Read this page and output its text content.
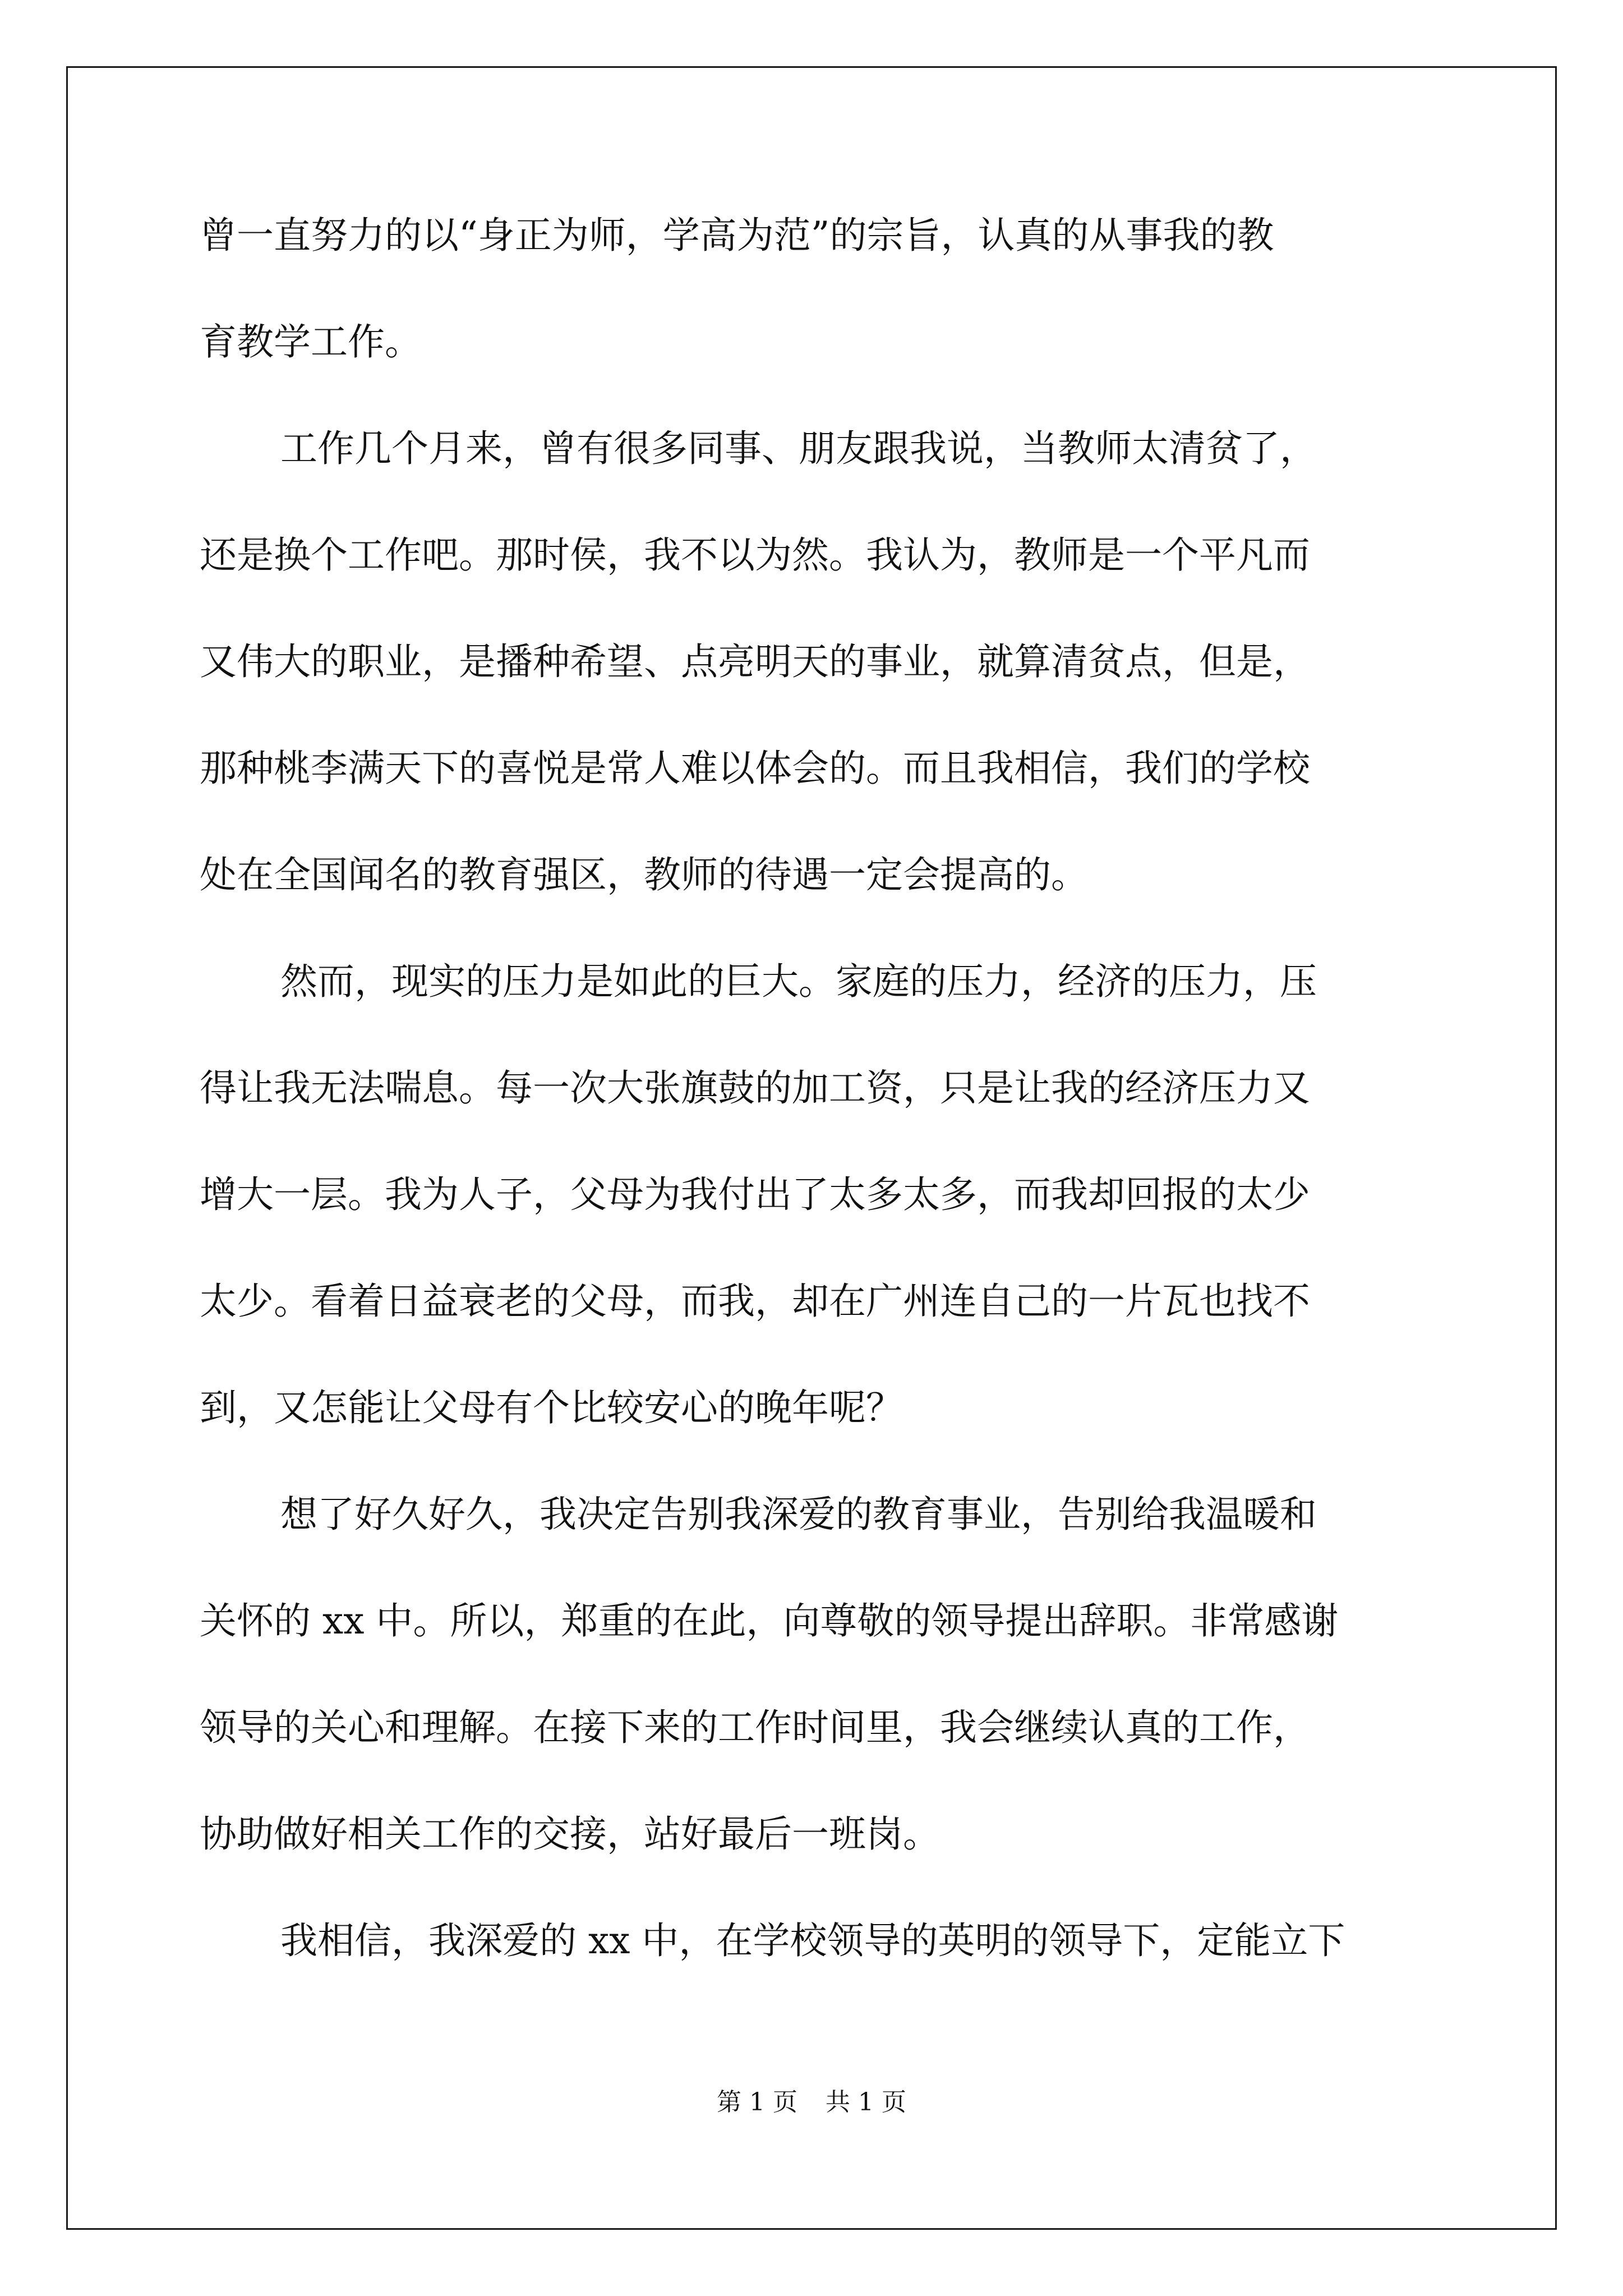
曾一直努力的以“身正为师，学高为范”的宗旨，认真的从事我的教
育教学工作。
工作几个月来，曾有很多同事、朋友跟我说，当教师太清贫了，
还是换个工作吧。那时侯，我不以为然。我认为，教师是一个平凡而
又伟大的职业，是播种希望、点亮明天的事业，就算清贫点，但是，
那种桃李满天下的喜悦是常人难以体会的。而且我相信，我们的学校
处在全国闻名的教育强区，教师的待遇一定会提高的。
然而，现实的压力是如此的巨大。家庭的压力，经济的压力，压
得让我无法喘息。每一次大张旗鼓的加工资，只是让我的经济压力又
增大一层。我为人子，父母为我付出了太多太多，而我却回报的太少
太少。看着日益衰老的父母，而我，却在广州连自己的一片瓦也找不
到，又怎能让父母有个比较安心的晚年呢？
想了好久好久，我决定告别我深爱的教育事业，告别给我温暖和
关怀的 xx 中。所以，郑重的在此，向尊敬的领导提出辞职。非常感谢
领导的关心和理解。在接下来的工作时间里，我会继续认真的工作，
协助做好相关工作的交接，站好最后一班岗。
我相信，我深爱的 xx 中，在学校领导的英明的领导下，定能立下
第 1 页 共 1 页
